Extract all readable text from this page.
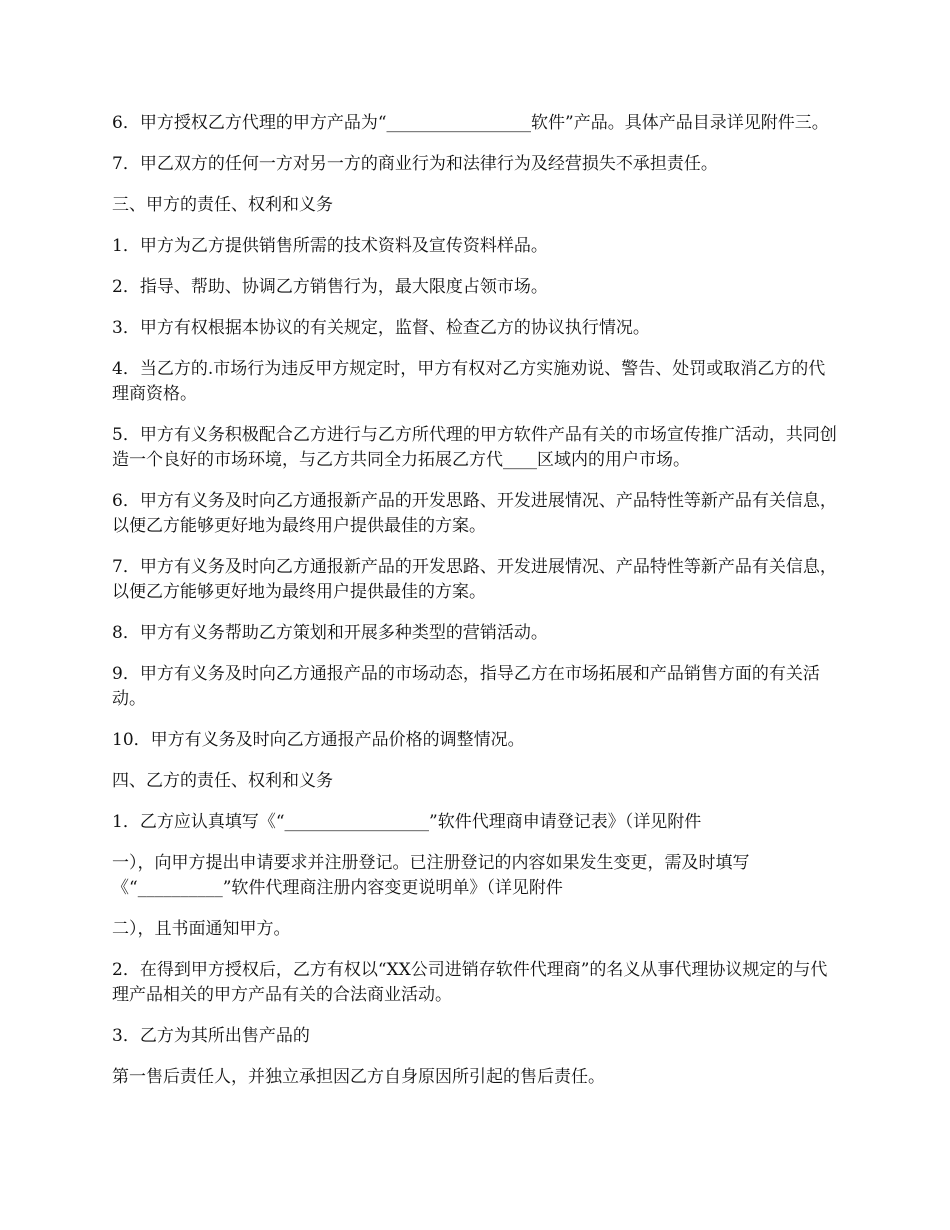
6．甲方授权乙方代理的甲方产品为“_________________软件”产品。具体产品目录详见附件三。

7．甲乙双方的任何一方对另一方的商业行为和法律行为及经营损失不承担责任。

三、甲方的责任、权利和义务

1．甲方为乙方提供销售所需的技术资料及宣传资料样品。

2．指导、帮助、协调乙方销售行为，最大限度占领市场。

3．甲方有权根据本协议的有关规定，监督、检查乙方的协议执行情况。

4．当乙方的.市场行为违反甲方规定时，甲方有权对乙方实施劝说、警告、处罚或取消乙方的代理商资格。

5．甲方有义务积极配合乙方进行与乙方所代理的甲方软件产品有关的市场宣传推广活动，共同创造一个良好的市场环境，与乙方共同全力拓展乙方代____区域内的用户市场。

6．甲方有义务及时向乙方通报新产品的开发思路、开发进展情况、产品特性等新产品有关信息，以便乙方能够更好地为最终用户提供最佳的方案。

7．甲方有义务及时向乙方通报新产品的开发思路、开发进展情况、产品特性等新产品有关信息，以便乙方能够更好地为最终用户提供最佳的方案。

8．甲方有义务帮助乙方策划和开展多种类型的营销活动。

9．甲方有义务及时向乙方通报产品的市场动态，指导乙方在市场拓展和产品销售方面的有关活动。

10．甲方有义务及时向乙方通报产品价格的调整情况。

四、乙方的责任、权利和义务

1．乙方应认真填写《“_________________”软件代理商申请登记表》（详见附件

一），向甲方提出申请要求并注册登记。已注册登记的内容如果发生变更，需及时填写《“__________”软件代理商注册内容变更说明单》（详见附件

二），且书面通知甲方。

2．在得到甲方授权后，乙方有权以“XX公司进销存软件代理商”的名义从事代理协议规定的与代理产品相关的甲方产品有关的合法商业活动。

3．乙方为其所出售产品的

第一售后责任人，并独立承担因乙方自身原因所引起的售后责任。
